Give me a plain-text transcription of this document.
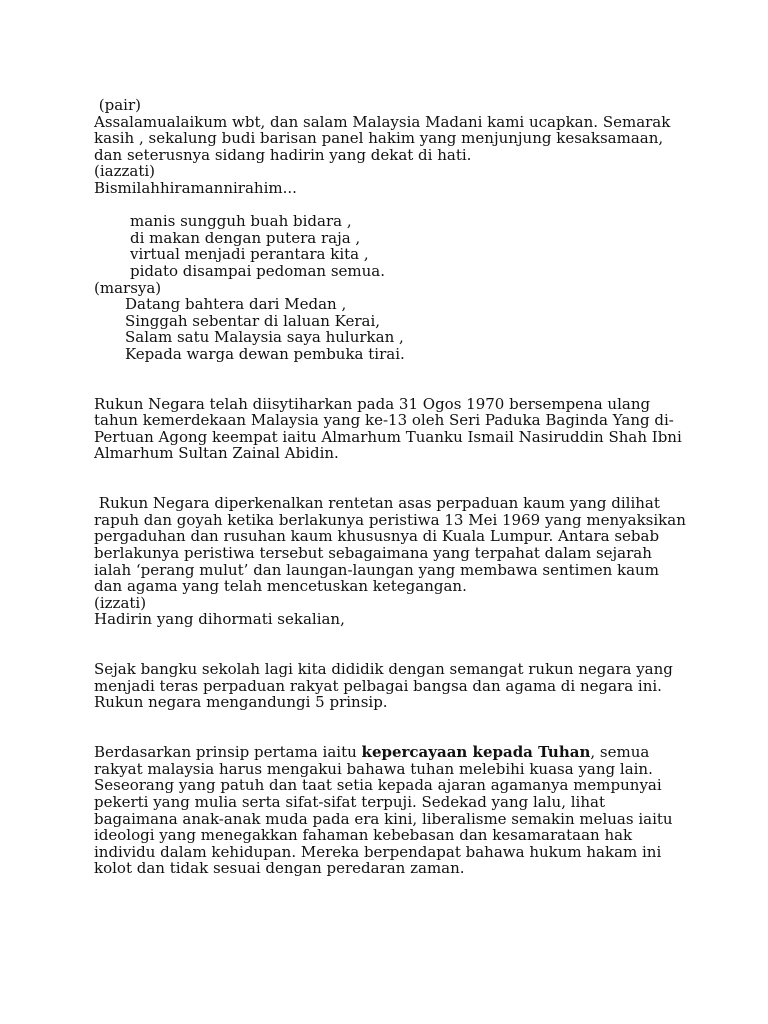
(pair)

Assalamualaikum wbt, dan salam Malaysia Madani kami ucapkan. Semarak kasih , sekalung budi barisan panel hakim yang menjunjung kesaksamaan, dan seterusnya sidang hadirin yang dekat di hati.

(iazzati)

Bismilahhiramannirahim...

manis sungguh buah bidara ,

di makan dengan putera raja ,

virtual menjadi perantara kita ,

pidato disampai pedoman semua.

(marsya)

Datang bahtera dari Medan ,

Singgah sebentar di laluan Kerai,

Salam satu Malaysia saya hulurkan ,

Kepada warga dewan pembuka tirai.

Rukun Negara telah diisytiharkan pada 31 Ogos 1970 bersempena ulang tahun kemerdekaan Malaysia yang ke-13 oleh Seri Paduka Baginda Yang di-Pertuan Agong keempat iaitu Almarhum Tuanku Ismail Nasiruddin Shah Ibni Almarhum Sultan Zainal Abidin.

Rukun Negara diperkenalkan rentetan asas perpaduan kaum yang dilihat rapuh dan goyah ketika berlakunya peristiwa 13 Mei 1969 yang menyaksikan pergaduhan dan rusuhan kaum khususnya di Kuala Lumpur. Antara sebab berlakunya peristiwa tersebut sebagaimana yang terpahat dalam sejarah ialah ‘perang mulut’ dan laungan-laungan yang membawa sentimen kaum dan agama yang telah mencetuskan ketegangan.

(izzati)

Hadirin yang dihormati sekalian,

Sejak bangku sekolah lagi kita dididik dengan semangat rukun negara yang menjadi teras perpaduan rakyat pelbagai bangsa dan agama di negara ini. Rukun negara mengandungi 5 prinsip.

Berdasarkan prinsip pertama iaitu kepercayaan kepada Tuhan, semua rakyat malaysia harus mengakui bahawa tuhan melebihi kuasa yang lain. Seseorang yang patuh dan taat setia kepada ajaran agamanya mempunyai pekerti yang mulia serta sifat-sifat terpuji. Sedekad yang lalu, lihat bagaimana anak-anak muda pada era kini, liberalisme semakin meluas iaitu ideologi yang menegakkan fahaman kebebasan dan kesamarataan hak individu dalam kehidupan. Mereka berpendapat bahawa hukum hakam ini kolot dan tidak sesuai dengan peredaran zaman.
